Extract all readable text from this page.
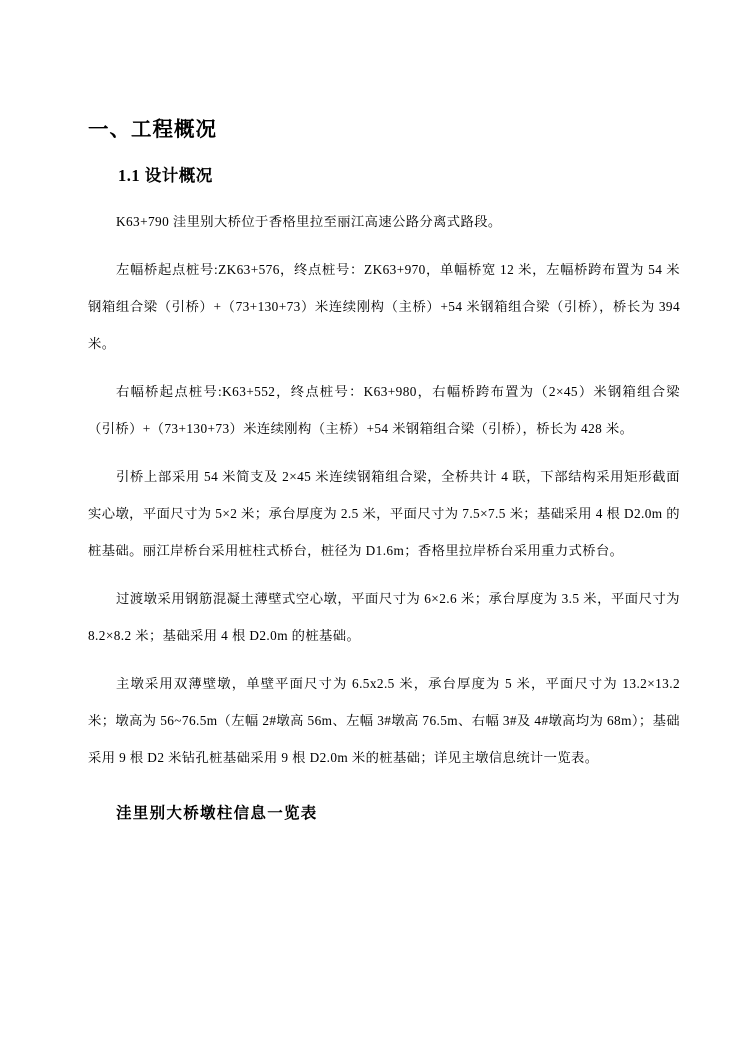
一、工程概况
1.1 设计概况

K63+790 洼里别大桥位于香格里拉至丽江高速公路分离式路段。

左幅桥起点桩号:ZK63+576，终点桩号：ZK63+970，单幅桥宽 12 米，左幅桥跨布置为 54 米钢箱组合梁（引桥）+（73+130+73）米连续刚构（主桥）+54 米钢箱组合梁（引桥），桥长为 394 米。

右幅桥起点桩号:K63+552，终点桩号：K63+980，右幅桥跨布置为（2×45）米钢箱组合梁（引桥）+（73+130+73）米连续刚构（主桥）+54 米钢箱组合梁（引桥），桥长为 428 米。

引桥上部采用 54 米简支及 2×45 米连续钢箱组合梁，全桥共计 4 联，下部结构采用矩形截面实心墩，平面尺寸为 5×2 米；承台厚度为 2.5 米，平面尺寸为 7.5×7.5 米；基础采用 4 根 D2.0m 的桩基础。丽江岸桥台采用桩柱式桥台，桩径为 D1.6m；香格里拉岸桥台采用重力式桥台。

过渡墩采用钢筋混凝土薄壁式空心墩，平面尺寸为 6×2.6 米；承台厚度为 3.5 米，平面尺寸为 8.2×8.2 米；基础采用 4 根 D2.0m 的桩基础。

主墩采用双薄壁墩，单壁平面尺寸为 6.5x2.5 米，承台厚度为 5 米，平面尺寸为 13.2×13.2 米；墩高为 56~76.5m（左幅 2#墩高 56m、左幅 3#墩高 76.5m、右幅 3#及 4#墩高均为 68m）；基础采用 9 根 D2 米钻孔桩基础采用 9 根 D2.0m 米的桩基础；详见主墩信息统计一览表。

洼里别大桥墩柱信息一览表
